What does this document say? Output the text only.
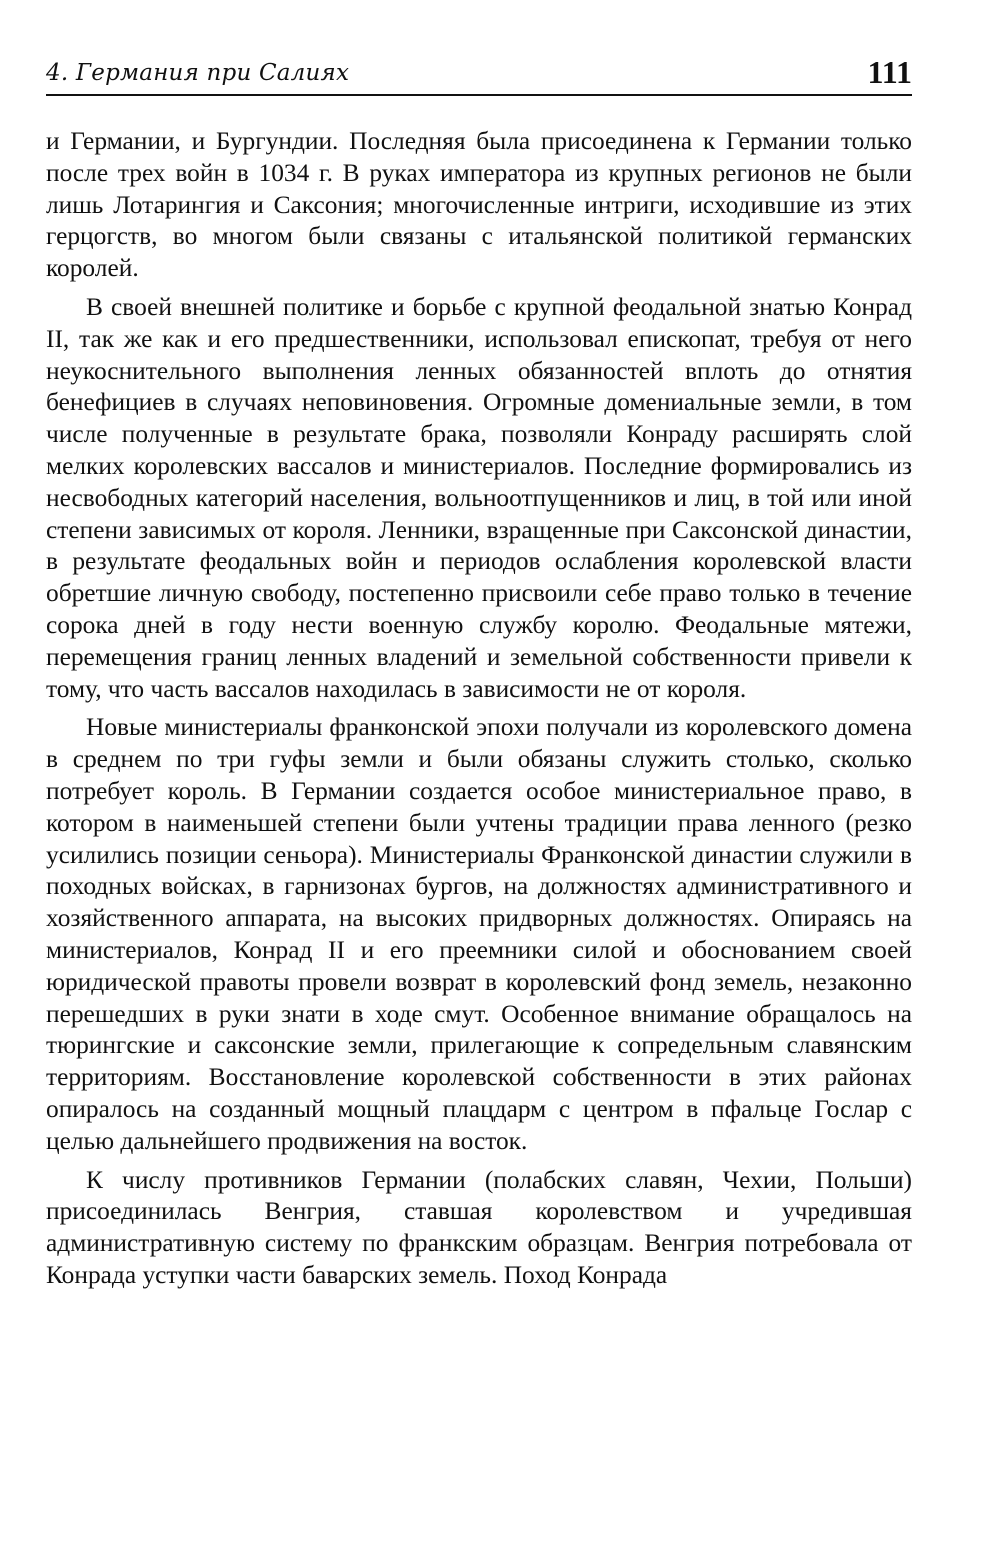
4. Германия при Салиях	111

и Германии, и Бургундии. Последняя была присоединена к Германии только после трех войн в 1034 г. В руках императора из крупных регионов не были лишь Лотарингия и Саксония; многочисленные интриги, исходившие из этих герцогств, во многом были связаны с итальянской политикой германских королей.

В своей внешней политике и борьбе с крупной феодальной знатью Конрад II, так же как и его предшественники, использовал епископат, требуя от него неукоснительного выполнения ленных обязанностей вплоть до отнятия бенефициев в случаях неповиновения. Огромные домениальные земли, в том числе полученные в результате брака, позволяли Конраду расширять слой мелких королевских вассалов и министериалов. Последние формировались из несвободных категорий населения, вольноотпущенников и лиц, в той или иной степени зависимых от короля. Ленники, взращенные при Саксонской династии, в результате феодальных войн и периодов ослабления королевской власти обретшие личную свободу, постепенно присвоили себе право только в течение сорока дней в году нести военную службу королю. Феодальные мятежи, перемещения границ ленных владений и земельной собственности привели к тому, что часть вассалов находилась в зависимости не от короля.

Новые министериалы франконской эпохи получали из королевского домена в среднем по три гуфы земли и были обязаны служить столько, сколько потребует король. В Германии создается особое министериальное право, в котором в наименьшей степени были учтены традиции права ленного (резко усилились позиции сеньора). Министериалы Франконской династии служили в походных войсках, в гарнизонах бургов, на должностях административного и хозяйственного аппарата, на высоких придворных должностях. Опираясь на министериалов, Конрад II и его преемники силой и обоснованием своей юридической правоты провели возврат в королевский фонд земель, незаконно перешедших в руки знати в ходе смут. Особенное внимание обращалось на тюрингские и саксонские земли, прилегающие к сопредельным славянским территориям. Восстановление королевской собственности в этих районах опиралось на созданный мощный плацдарм с центром в пфальце Гослар с целью дальнейшего продвижения на восток.

К числу противников Германии (полабских славян, Чехии, Польши) присоединилась Венгрия, ставшая королевством и учредившая административную систему по франкским образцам. Венгрия потребовала от Конрада уступки части баварских земель. Поход Конрада
